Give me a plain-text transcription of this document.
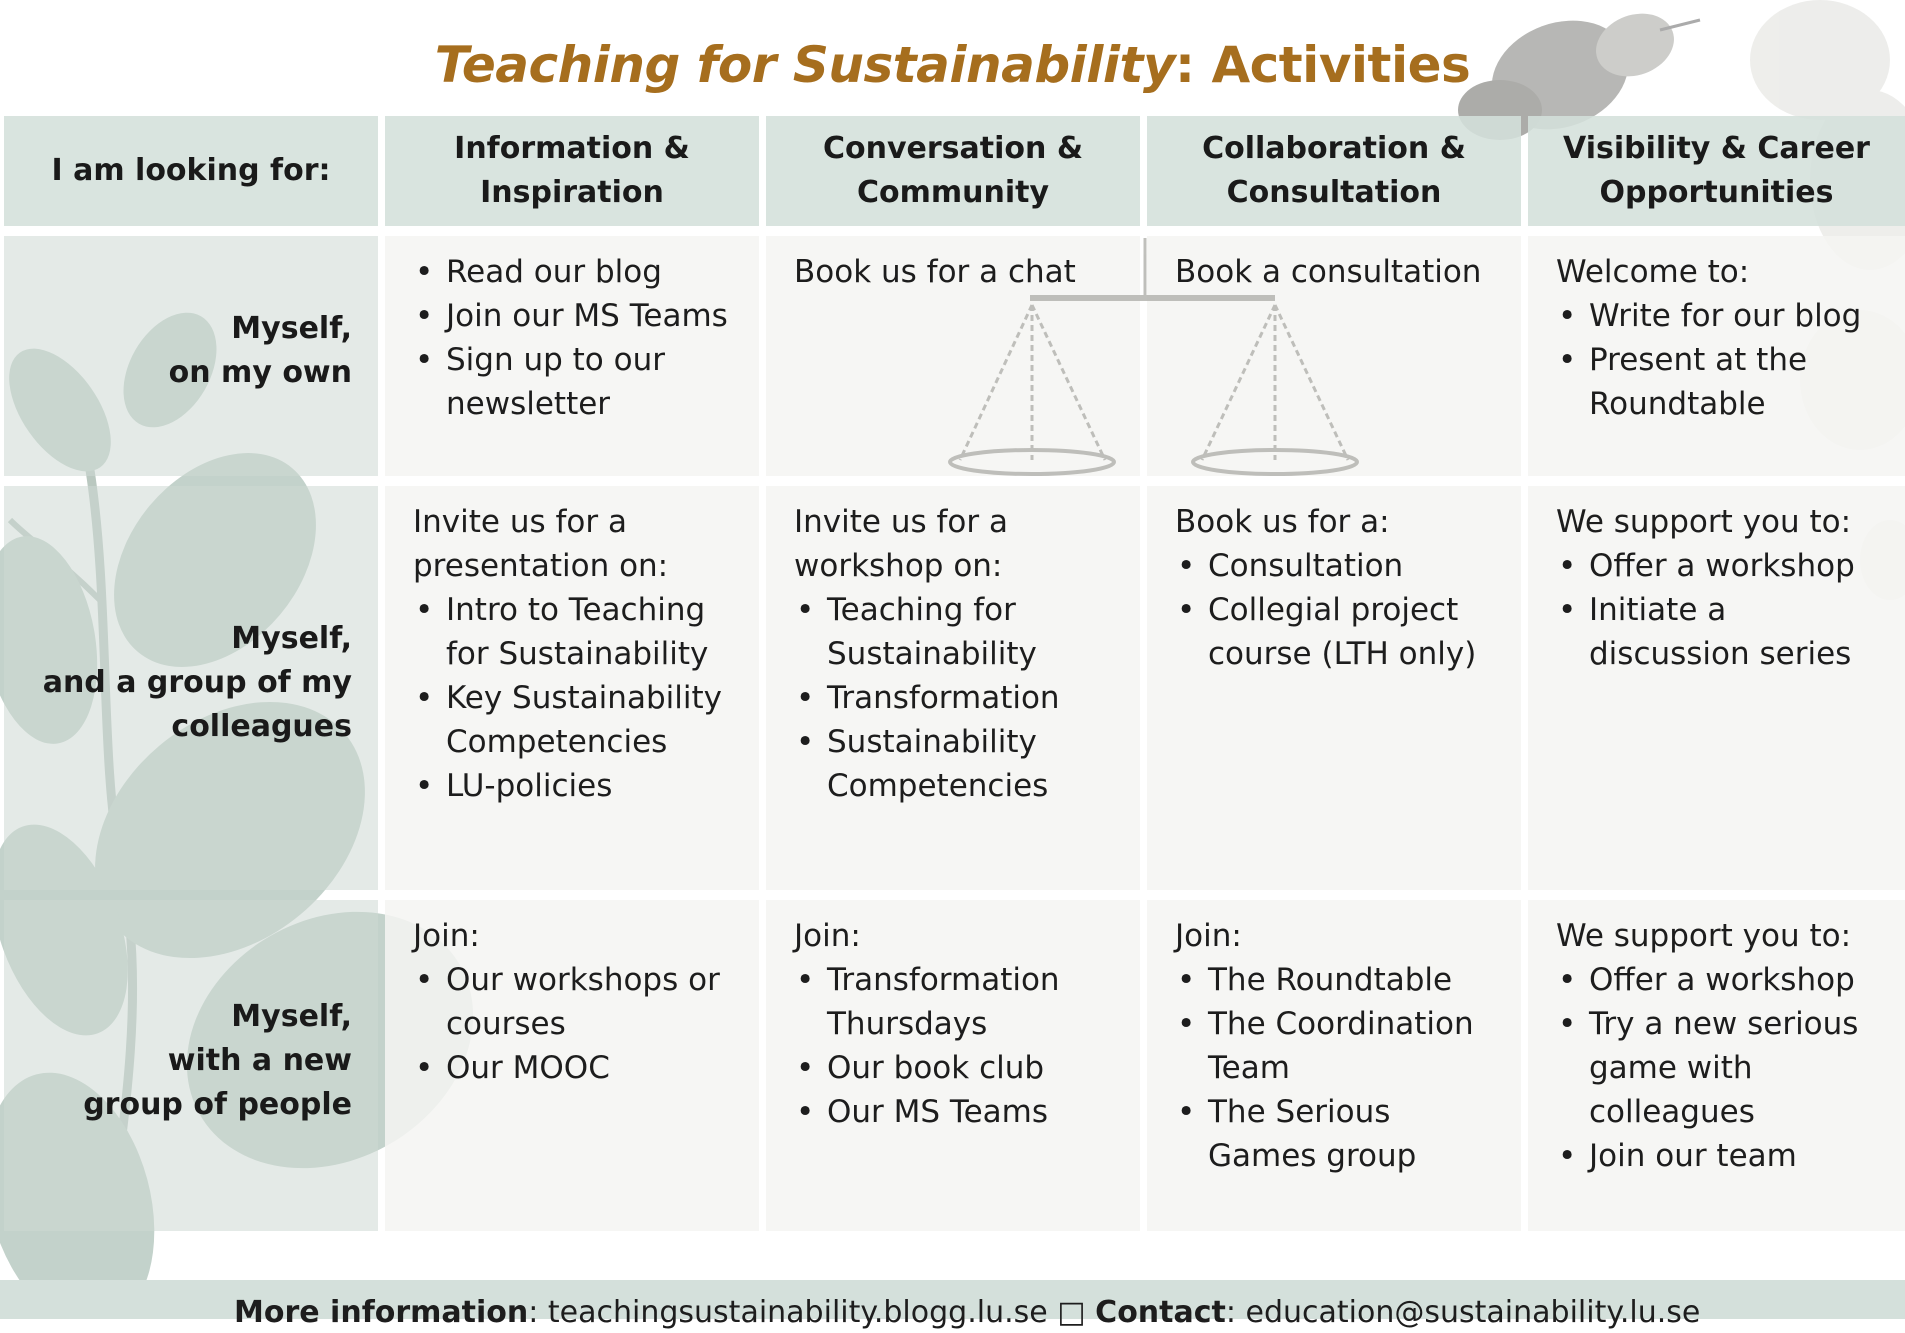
Teaching for Sustainability: Activities
I am looking for:
Information &
Inspiration
Conversation &
Community
Collaboration &
Consultation
Visibility & Career
Opportunities
Myself,
on my own
• Read our blog
• Join our MS Teams
• Sign up to our newsletter
Book us for a chat	Book a consultation	Welcome to:
• Write for our blog
• Present at the Roundtable
Myself,
and a group of my
colleagues
Invite us for a
presentation on:
• Intro to Teaching for Sustainability
• Key Sustainability Competencies
• LU-policies
Invite us for a
workshop on:
• Teaching for Sustainability
• Transformation
• Sustainability Competencies
Book us for a:
• Consultation
• Collegial project course (LTH only)
We support you to:
• Offer a workshop
• Initiate a discussion series
Myself,
with a new
group of people
Join:
• Our workshops or courses
• Our MOOC
Join:
• Transformation Thursdays
• Our book club
• Our MS Teams
Join:
• The Roundtable
• The Coordination Team
• The Serious Games group
We support you to:
• Offer a workshop
• Try a new serious game with colleagues
• Join our team
More information: teachingsustainability.blogg.lu.se □ Contact: education@sustainability.lu.se
